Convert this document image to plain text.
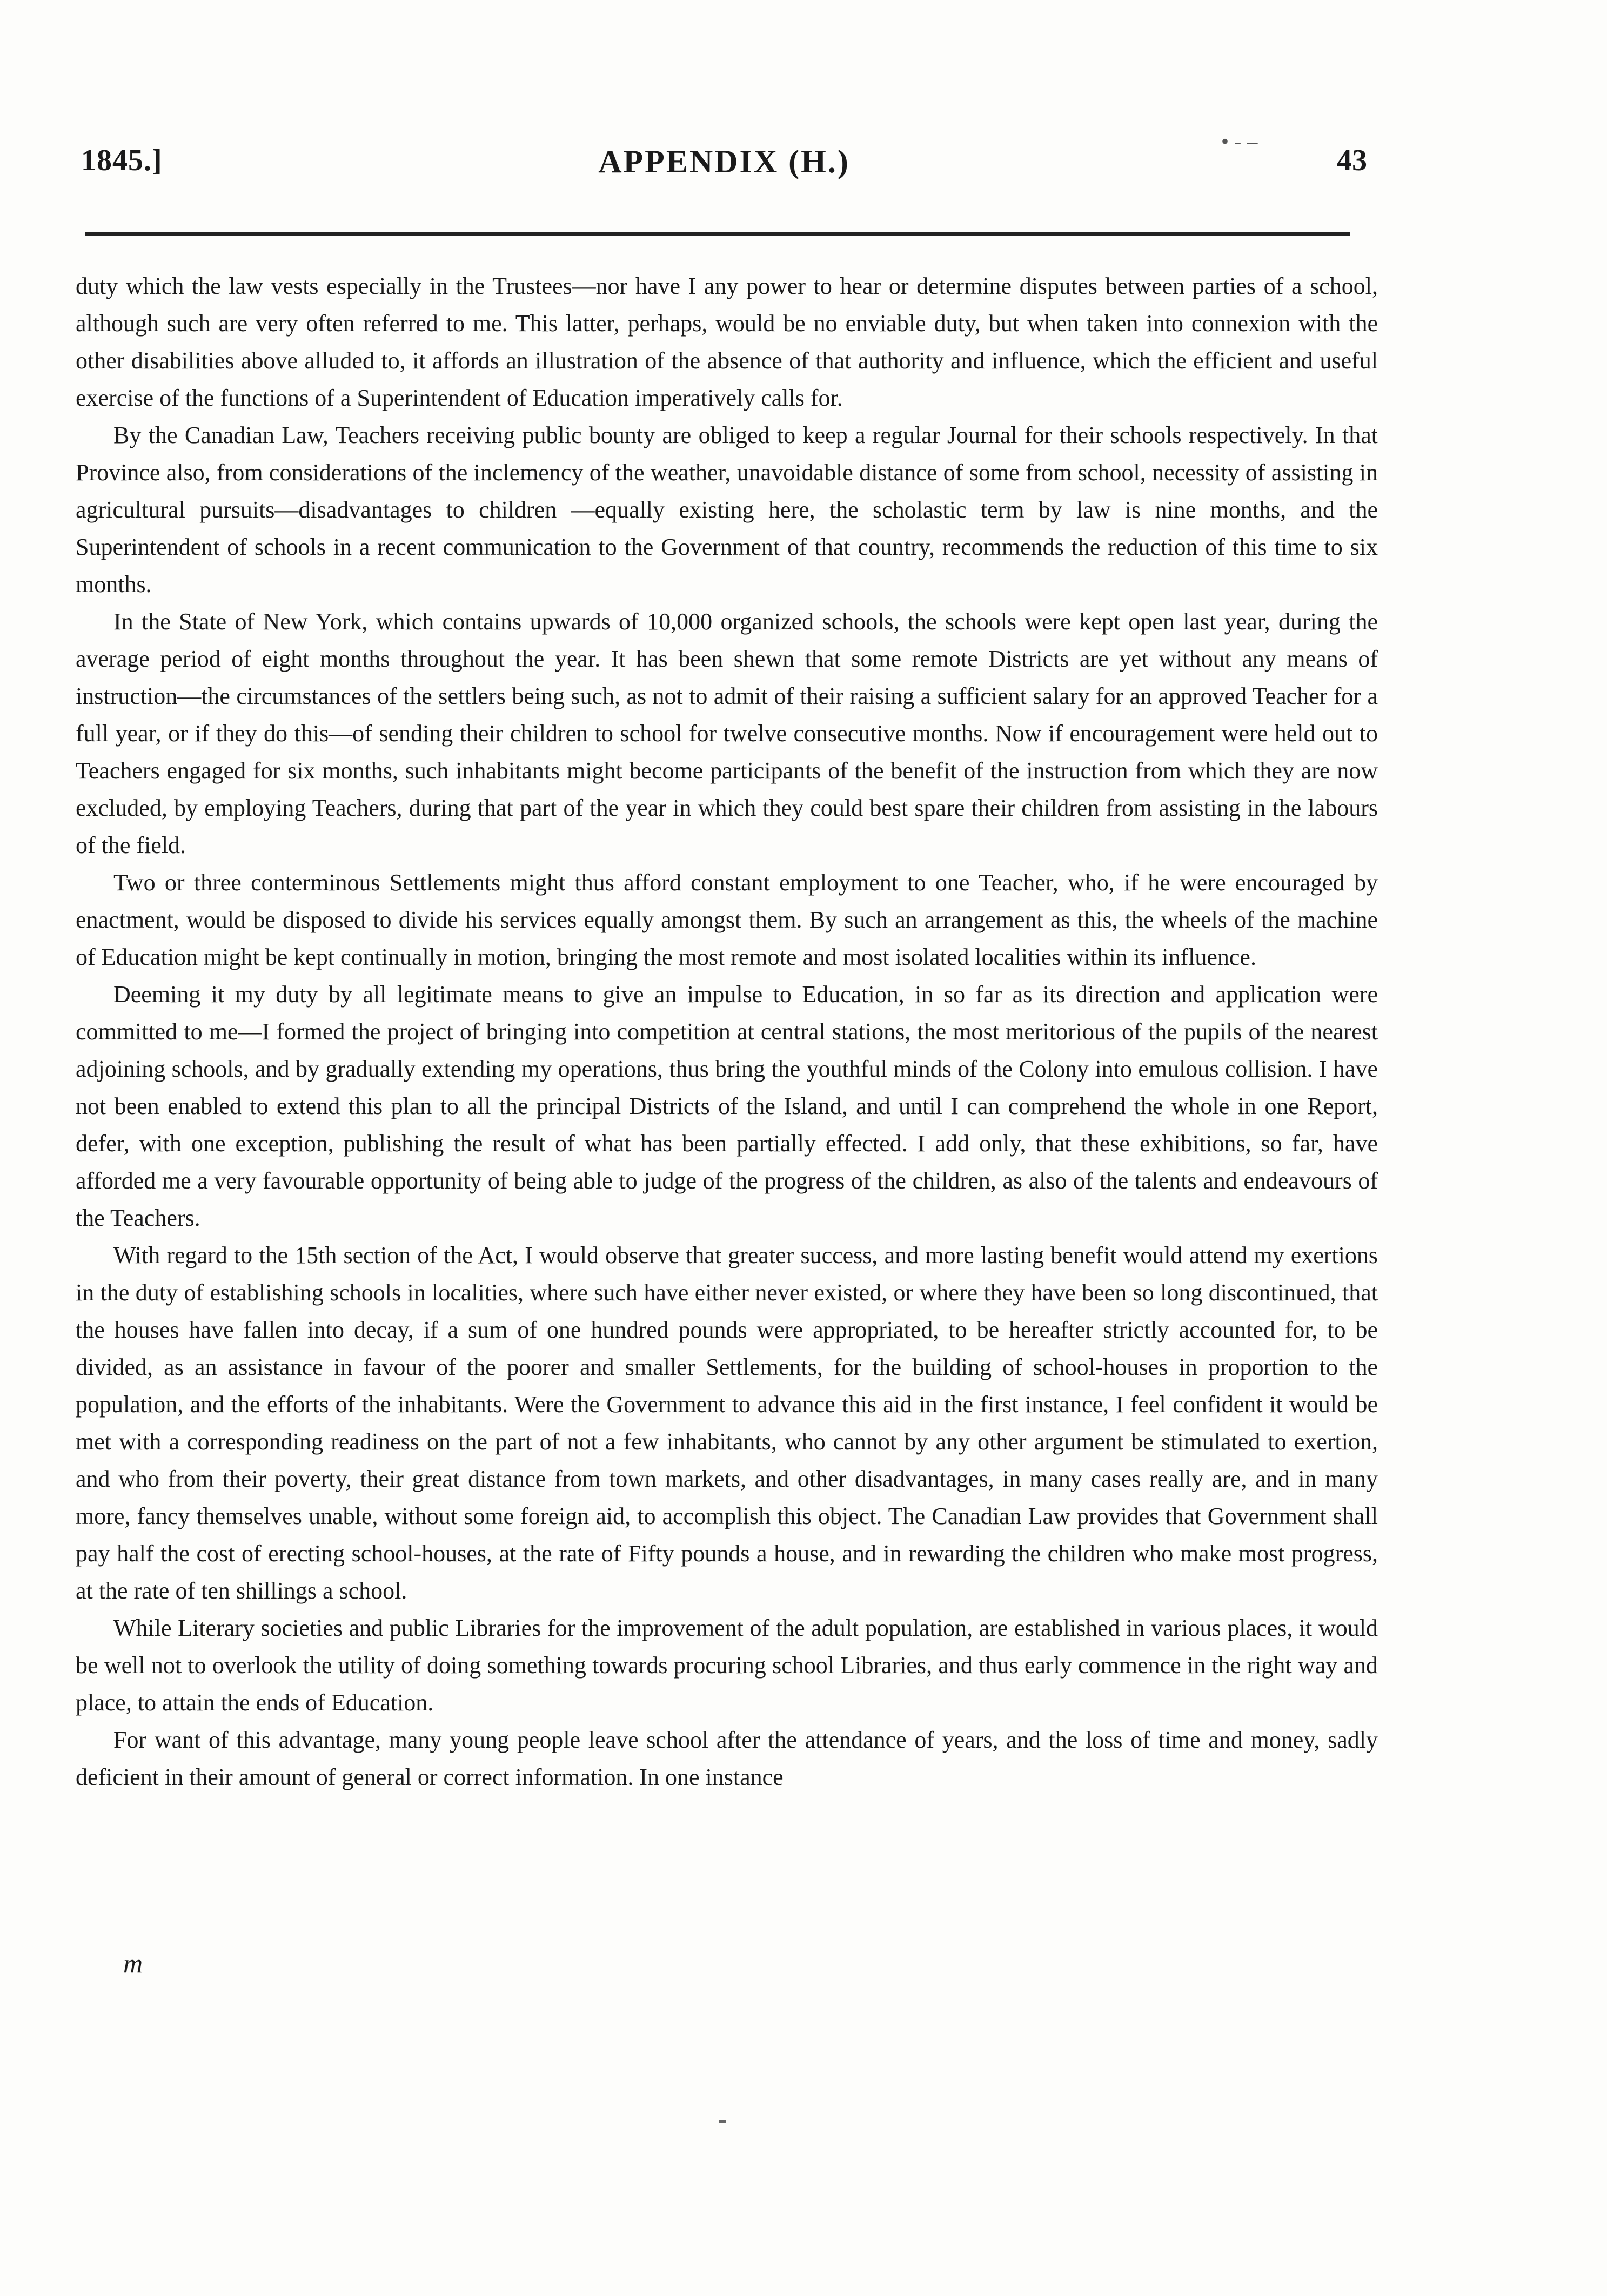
• - –
1845.]	APPENDIX (H.)	43

duty which the law vests especially in the Trustees—nor have I any power to hear or determine disputes between parties of a school, although such are very often referred to me. This latter, perhaps, would be no enviable duty, but when taken into connexion with the other disabilities above alluded to, it affords an illustration of the absence of that authority and influence, which the efficient and useful exercise of the functions of a Superintendent of Education imperatively calls for.

By the Canadian Law, Teachers receiving public bounty are obliged to keep a regular Journal for their schools respectively. In that Province also, from considerations of the inclemency of the weather, unavoidable distance of some from school, necessity of assisting in agricultural pursuits—disadvantages to children —equally existing here, the scholastic term by law is nine months, and the Superintendent of schools in a recent communication to the Government of that country, recommends the reduction of this time to six months.

In the State of New York, which contains upwards of 10,000 organized schools, the schools were kept open last year, during the average period of eight months throughout the year. It has been shewn that some remote Districts are yet without any means of instruction—the circumstances of the settlers being such, as not to admit of their raising a sufficient salary for an approved Teacher for a full year, or if they do this—of sending their children to school for twelve consecutive months. Now if encouragement were held out to Teachers engaged for six months, such inhabitants might become participants of the benefit of the instruction from which they are now excluded, by employing Teachers, during that part of the year in which they could best spare their children from assisting in the labours of the field.

Two or three conterminous Settlements might thus afford constant employment to one Teacher, who, if he were encouraged by enactment, would be disposed to divide his services equally amongst them. By such an arrangement as this, the wheels of the machine of Education might be kept continually in motion, bringing the most remote and most isolated localities within its influence.

Deeming it my duty by all legitimate means to give an impulse to Education, in so far as its direction and application were committed to me—I formed the project of bringing into competition at central stations, the most meritorious of the pupils of the nearest adjoining schools, and by gradually extending my operations, thus bring the youthful minds of the Colony into emulous collision. I have not been enabled to extend this plan to all the principal Districts of the Island, and until I can comprehend the whole in one Report, defer, with one exception, publishing the result of what has been partially effected. I add only, that these exhibitions, so far, have afforded me a very favourable opportunity of being able to judge of the progress of the children, as also of the talents and endeavours of the Teachers.

With regard to the 15th section of the Act, I would observe that greater success, and more lasting benefit would attend my exertions in the duty of establishing schools in localities, where such have either never existed, or where they have been so long discontinued, that the houses have fallen into decay, if a sum of one hundred pounds were appropriated, to be hereafter strictly accounted for, to be divided, as an assistance in favour of the poorer and smaller Settlements, for the building of school-houses in proportion to the population, and the efforts of the inhabitants. Were the Government to advance this aid in the first instance, I feel confident it would be met with a corresponding readiness on the part of not a few inhabitants, who cannot by any other argument be stimulated to exertion, and who from their poverty, their great distance from town markets, and other disadvantages, in many cases really are, and in many more, fancy themselves unable, without some foreign aid, to accomplish this object. The Canadian Law provides that Government shall pay half the cost of erecting school-houses, at the rate of Fifty pounds a house, and in rewarding the children who make most progress, at the rate of ten shillings a school.

While Literary societies and public Libraries for the improvement of the adult population, are established in various places, it would be well not to overlook the utility of doing something towards procuring school Libraries, and thus early commence in the right way and place, to attain the ends of Education.

For want of this advantage, many young people leave school after the attendance of years, and the loss of time and money, sadly deficient in their amount of general or correct information. In one instance

m
